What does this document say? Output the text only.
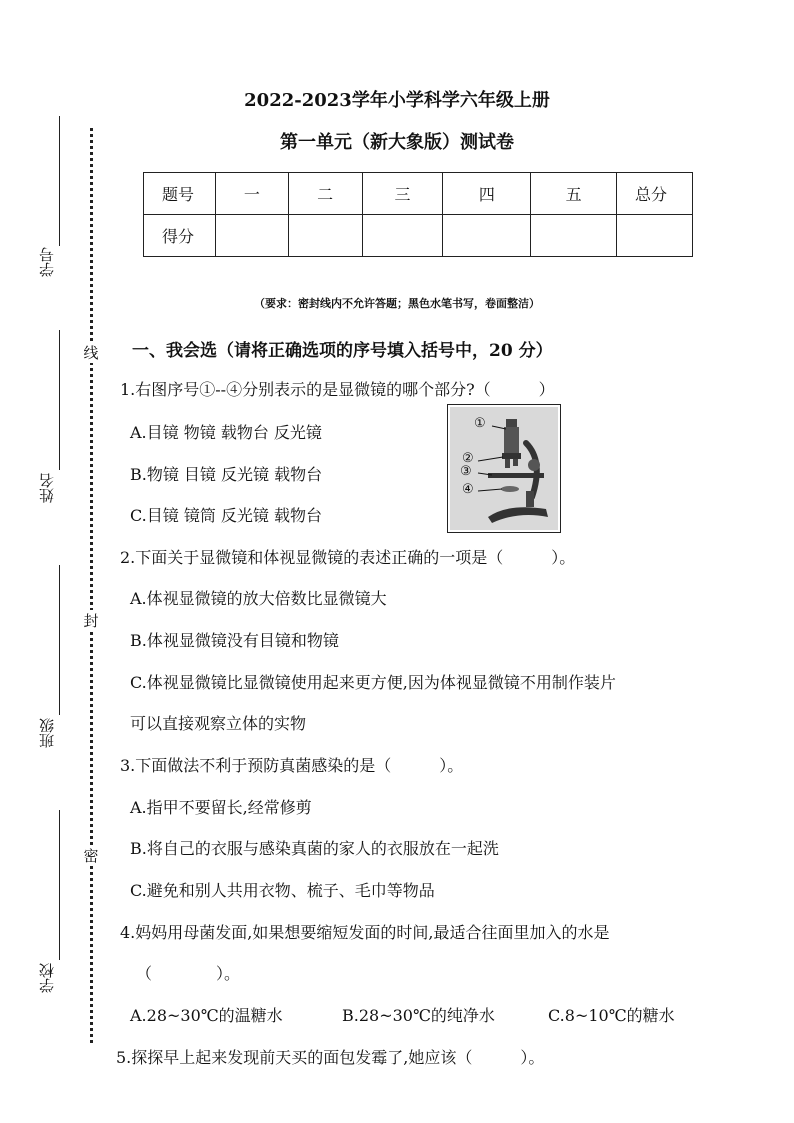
学号
姓名
班级
学校
线
封
密
2022-2023学年小学科学六年级上册
第一单元（新大象版）测试卷
题号	一	二	三	四	五	总分
得分						
（要求：密封线内不允许答题；黑色水笔书写，卷面整洁）
一、我会选（请将正确选项的序号填入括号中，20 分）
1.右图序号①--④分别表示的是显微镜的哪个部分?（　　　）
A.目镜 物镜 载物台 反光镜
B.物镜 目镜 反光镜 载物台
C.目镜 镜筒 反光镜 载物台
①
②
③
④
2.下面关于显微镜和体视显微镜的表述正确的一项是（　　　）。
A.体视显微镜的放大倍数比显微镜大
B.体视显微镜没有目镜和物镜
C.体视显微镜比显微镜使用起来更方便,因为体视显微镜不用制作装片
可以直接观察立体的实物
3.下面做法不利于预防真菌感染的是（　　　）。
A.指甲不要留长,经常修剪
B.将自己的衣服与感染真菌的家人的衣服放在一起洗
C.避免和别人共用衣物、梳子、毛巾等物品
4.妈妈用母菌发面,如果想要缩短发面的时间,最适合往面里加入的水是
（　　　　）。
A.28~30℃的温糖水	B.28~30℃的纯净水	C.8~10℃的糖水
5.探探早上起来发现前天买的面包发霉了,她应该（　　　）。
